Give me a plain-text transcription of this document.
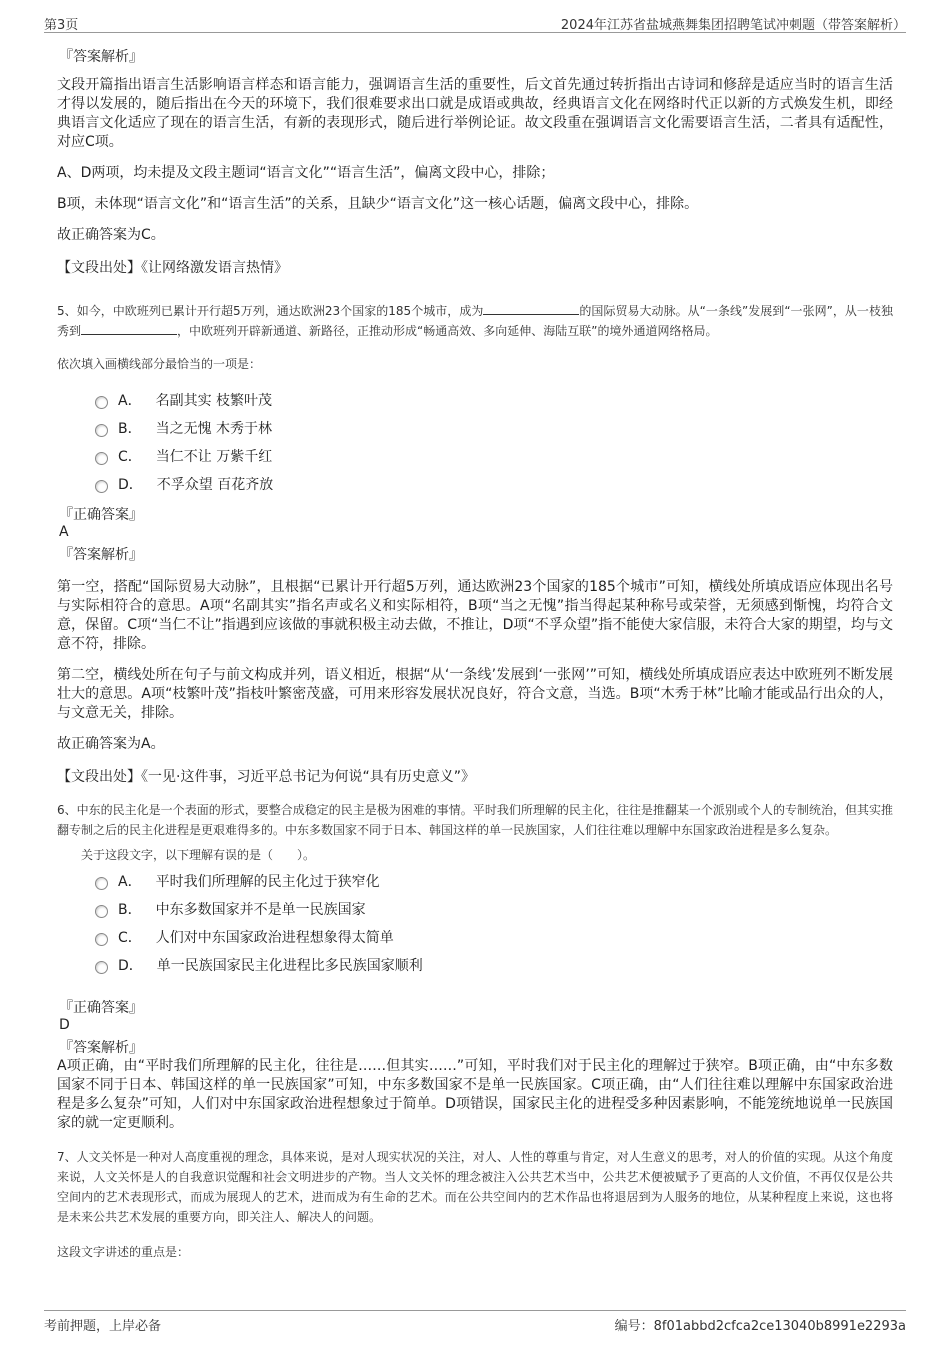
第3页	2024年江苏省盐城燕舞集团招聘笔试冲刺题（带答案解析）
『答案解析』

文段开篇指出语言生活影响语言样态和语言能力，强调语言生活的重要性，后文首先通过转折指出古诗词和修辞是适应当时的语言生活才得以发展的，随后指出在今天的环境下，我们很难要求出口就是成语或典故，经典语言文化在网络时代正以新的方式焕发生机，即经典语言文化适应了现在的语言生活，有新的表现形式，随后进行举例论证。故文段重在强调语言文化需要语言生活，二者具有适配性，对应C项。

A、D两项，均未提及文段主题词“语言文化”“语言生活”，偏离文段中心，排除；

B项，未体现“语言文化”和“语言生活”的关系，且缺少“语言文化”这一核心话题，偏离文段中心，排除。

故正确答案为C。

【文段出处】《让网络激发语言热情》

5、如今，中欧班列已累计开行超5万列，通达欧洲23个国家的185个城市，成为	的国际贸易大动脉。从“一条线”发展到“一张网”，从一枝独秀到	，中欧班列开辟新通道、新路径，正推动形成“畅通高效、多向延伸、海陆互联”的境外通道网络格局。

依次填入画横线部分最恰当的一项是：

A． 名副其实 枝繁叶茂
B． 当之无愧 木秀于林
C． 当仁不让 万紫千红
D． 不孚众望 百花齐放
『正确答案』
A
『答案解析』

第一空，搭配“国际贸易大动脉”，且根据“已累计开行超5万列，通达欧洲23个国家的185个城市”可知，横线处所填成语应体现出名号与实际相符合的意思。A项“名副其实”指名声或名义和实际相符，B项“当之无愧”指当得起某种称号或荣誉，无须感到惭愧，均符合文意，保留。C项“当仁不让”指遇到应该做的事就积极主动去做，不推让，D项“不孚众望”指不能使大家信服，未符合大家的期望，均与文意不符，排除。

第二空，横线处所在句子与前文构成并列，语义相近，根据“从‘一条线’发展到‘一张网’”可知，横线处所填成语应表达中欧班列不断发展壮大的意思。A项“枝繁叶茂”指枝叶繁密茂盛，可用来形容发展状况良好，符合文意，当选。B项“木秀于林”比喻才能或品行出众的人，与文意无关，排除。

故正确答案为A。

【文段出处】《一见·这件事，习近平总书记为何说“具有历史意义”》

6、中东的民主化是一个表面的形式，要整合成稳定的民主是极为困难的事情。平时我们所理解的民主化，往往是推翻某一个派别或个人的专制统治，但其实推翻专制之后的民主化进程是更艰难得多的。中东多数国家不同于日本、韩国这样的单一民族国家，人们往往难以理解中东国家政治进程是多么复杂。

关于这段文字，以下理解有误的是（　　）。

A． 平时我们所理解的民主化过于狭窄化
B． 中东多数国家并不是单一民族国家
C． 人们对中东国家政治进程想象得太简单
D． 单一民族国家民主化进程比多民族国家顺利
『正确答案』
D
『答案解析』

A项正确，由“平时我们所理解的民主化，往往是……但其实……”可知，平时我们对于民主化的理解过于狭窄。B项正确，由“中东多数国家不同于日本、韩国这样的单一民族国家”可知，中东多数国家不是单一民族国家。C项正确，由“人们往往难以理解中东国家政治进程是多么复杂”可知，人们对中东国家政治进程想象过于简单。D项错误，国家民主化的进程受多种因素影响，不能笼统地说单一民族国家的就一定更顺利。

7、人文关怀是一种对人高度重视的理念，具体来说，是对人现实状况的关注，对人、人性的尊重与肯定，对人生意义的思考，对人的价值的实现。从这个角度来说，人文关怀是人的自我意识觉醒和社会文明进步的产物。当人文关怀的理念被注入公共艺术当中，公共艺术便被赋予了更高的人文价值，不再仅仅是公共空间内的艺术表现形式，而成为展现人的艺术，进而成为有生命的艺术。而在公共空间内的艺术作品也将退居到为人服务的地位，从某种程度上来说，这也将是未来公共艺术发展的重要方向，即关注人、解决人的问题。

这段文字讲述的重点是：

考前押题，上岸必备	编号：8f01abbd2cfca2ce13040b8991e2293a
